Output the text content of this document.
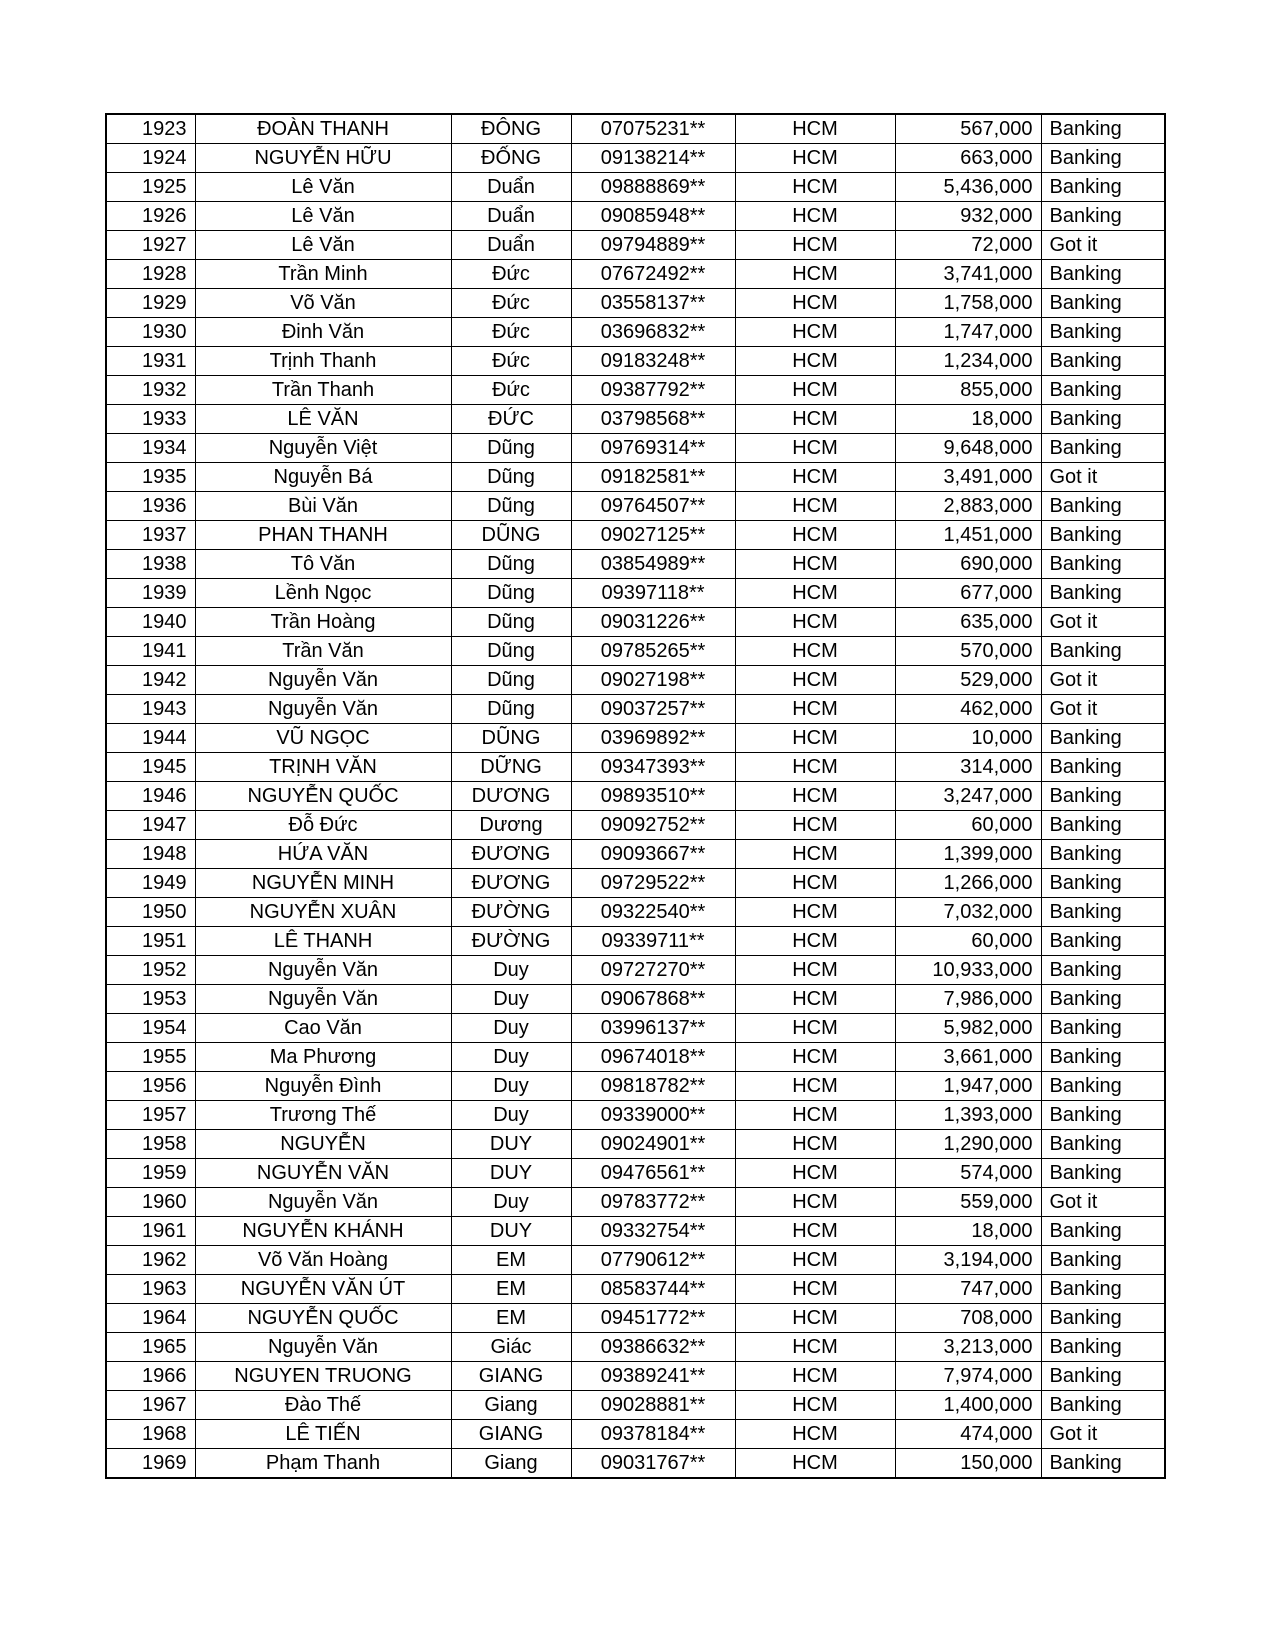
1923	ĐOÀN THANH	ĐÔNG	07075231**	HCM	567,000	Banking
1924	NGUYỄN HỮU	ĐỐNG	09138214**	HCM	663,000	Banking
1925	Lê Văn	Duẩn	09888869**	HCM	5,436,000	Banking
1926	Lê Văn	Duẩn	09085948**	HCM	932,000	Banking
1927	Lê Văn	Duẩn	09794889**	HCM	72,000	Got it
1928	Trần Minh	Đức	07672492**	HCM	3,741,000	Banking
1929	Võ Văn	Đức	03558137**	HCM	1,758,000	Banking
1930	Đinh Văn	Đức	03696832**	HCM	1,747,000	Banking
1931	Trịnh Thanh	Đức	09183248**	HCM	1,234,000	Banking
1932	Trần Thanh	Đức	09387792**	HCM	855,000	Banking
1933	LÊ VĂN	ĐỨC	03798568**	HCM	18,000	Banking
1934	Nguyễn Việt	Dũng	09769314**	HCM	9,648,000	Banking
1935	Nguyễn Bá	Dũng	09182581**	HCM	3,491,000	Got it
1936	Bùi Văn	Dũng	09764507**	HCM	2,883,000	Banking
1937	PHAN THANH	DŨNG	09027125**	HCM	1,451,000	Banking
1938	Tô Văn	Dũng	03854989**	HCM	690,000	Banking
1939	Lềnh Ngọc	Dũng	09397118**	HCM	677,000	Banking
1940	Trần Hoàng	Dũng	09031226**	HCM	635,000	Got it
1941	Trần Văn	Dũng	09785265**	HCM	570,000	Banking
1942	Nguyễn Văn	Dũng	09027198**	HCM	529,000	Got it
1943	Nguyễn Văn	Dũng	09037257**	HCM	462,000	Got it
1944	VŨ NGỌC	DŨNG	03969892**	HCM	10,000	Banking
1945	TRỊNH VĂN	DỮNG	09347393**	HCM	314,000	Banking
1946	NGUYỄN QUỐC	DƯƠNG	09893510**	HCM	3,247,000	Banking
1947	Đỗ Đức	Dương	09092752**	HCM	60,000	Banking
1948	HỨA VĂN	ĐƯƠNG	09093667**	HCM	1,399,000	Banking
1949	NGUYỄN MINH	ĐƯƠNG	09729522**	HCM	1,266,000	Banking
1950	NGUYỄN XUÂN	ĐƯỜNG	09322540**	HCM	7,032,000	Banking
1951	LÊ THANH	ĐƯỜNG	09339711**	HCM	60,000	Banking
1952	Nguyễn Văn	Duy	09727270**	HCM	10,933,000	Banking
1953	Nguyễn Văn	Duy	09067868**	HCM	7,986,000	Banking
1954	Cao Văn	Duy	03996137**	HCM	5,982,000	Banking
1955	Ma Phương	Duy	09674018**	HCM	3,661,000	Banking
1956	Nguyễn Đình	Duy	09818782**	HCM	1,947,000	Banking
1957	Trương Thế	Duy	09339000**	HCM	1,393,000	Banking
1958	NGUYỄN	DUY	09024901**	HCM	1,290,000	Banking
1959	NGUYỄN VĂN	DUY	09476561**	HCM	574,000	Banking
1960	Nguyễn Văn	Duy	09783772**	HCM	559,000	Got it
1961	NGUYỄN KHÁNH	DUY	09332754**	HCM	18,000	Banking
1962	Võ Văn Hoàng	EM	07790612**	HCM	3,194,000	Banking
1963	NGUYỄN VĂN ÚT	EM	08583744**	HCM	747,000	Banking
1964	NGUYỄN QUỐC	EM	09451772**	HCM	708,000	Banking
1965	Nguyễn Văn	Giác	09386632**	HCM	3,213,000	Banking
1966	NGUYEN TRUONG	GIANG	09389241**	HCM	7,974,000	Banking
1967	Đào Thế	Giang	09028881**	HCM	1,400,000	Banking
1968	LÊ TIẾN	GIANG	09378184**	HCM	474,000	Got it
1969	Phạm Thanh	Giang	09031767**	HCM	150,000	Banking
